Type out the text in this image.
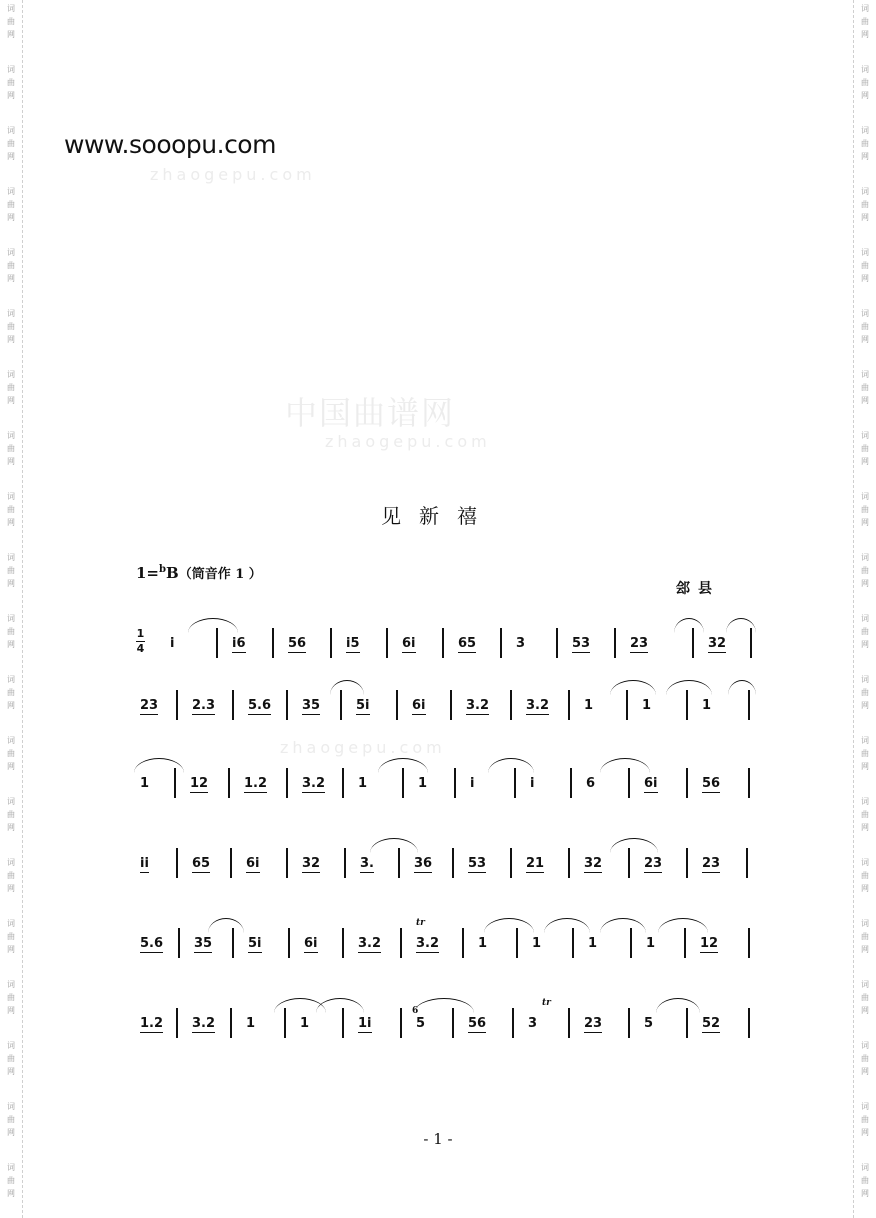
词
曲
网
词
曲
网
词
曲
网
词
曲
网
词
曲
网
词
曲
网
词
曲
网
词
曲
网
词
曲
网
词
曲
网
词
曲
网
词
曲
网
词
曲
网
词
曲
网
词
曲
网
词
曲
网
词
曲
网
词
曲
网
词
曲
网
词
曲
网
词
曲
网
词
曲
网
词
曲
网
词
曲
网
词
曲
网
词
曲
网
词
曲
网
词
曲
网
词
曲
网
词
曲
网
词
曲
网
词
曲
网
词
曲
网
词
曲
网
词
曲
网
词
曲
网
词
曲
网
词
曲
网
词
曲
网
词
曲
网
www.sooopu.com
zhaogepu.com
中国曲谱网
zhaogepu.com
zhaogepu.com
见新禧
1=$^b$B（筒音作 1 ）
郐县
1
4 i	i6	56	i5	6i	65	3	53	23	32
23	2.3	5.6 35	5i	6i	3.2	3.2	1	1	1
1	12	1.2	3.2	1	1	i	i	6	6i	56
ii	65	6i	32	3.	36	53	21	32	23	23
5.6 35	5i	6i	3.2	3.2	1	1	1	1	12
tr
1.2 3.2 1	1	1i	5	56	3	23	5	52
tr
6
- 1 -
